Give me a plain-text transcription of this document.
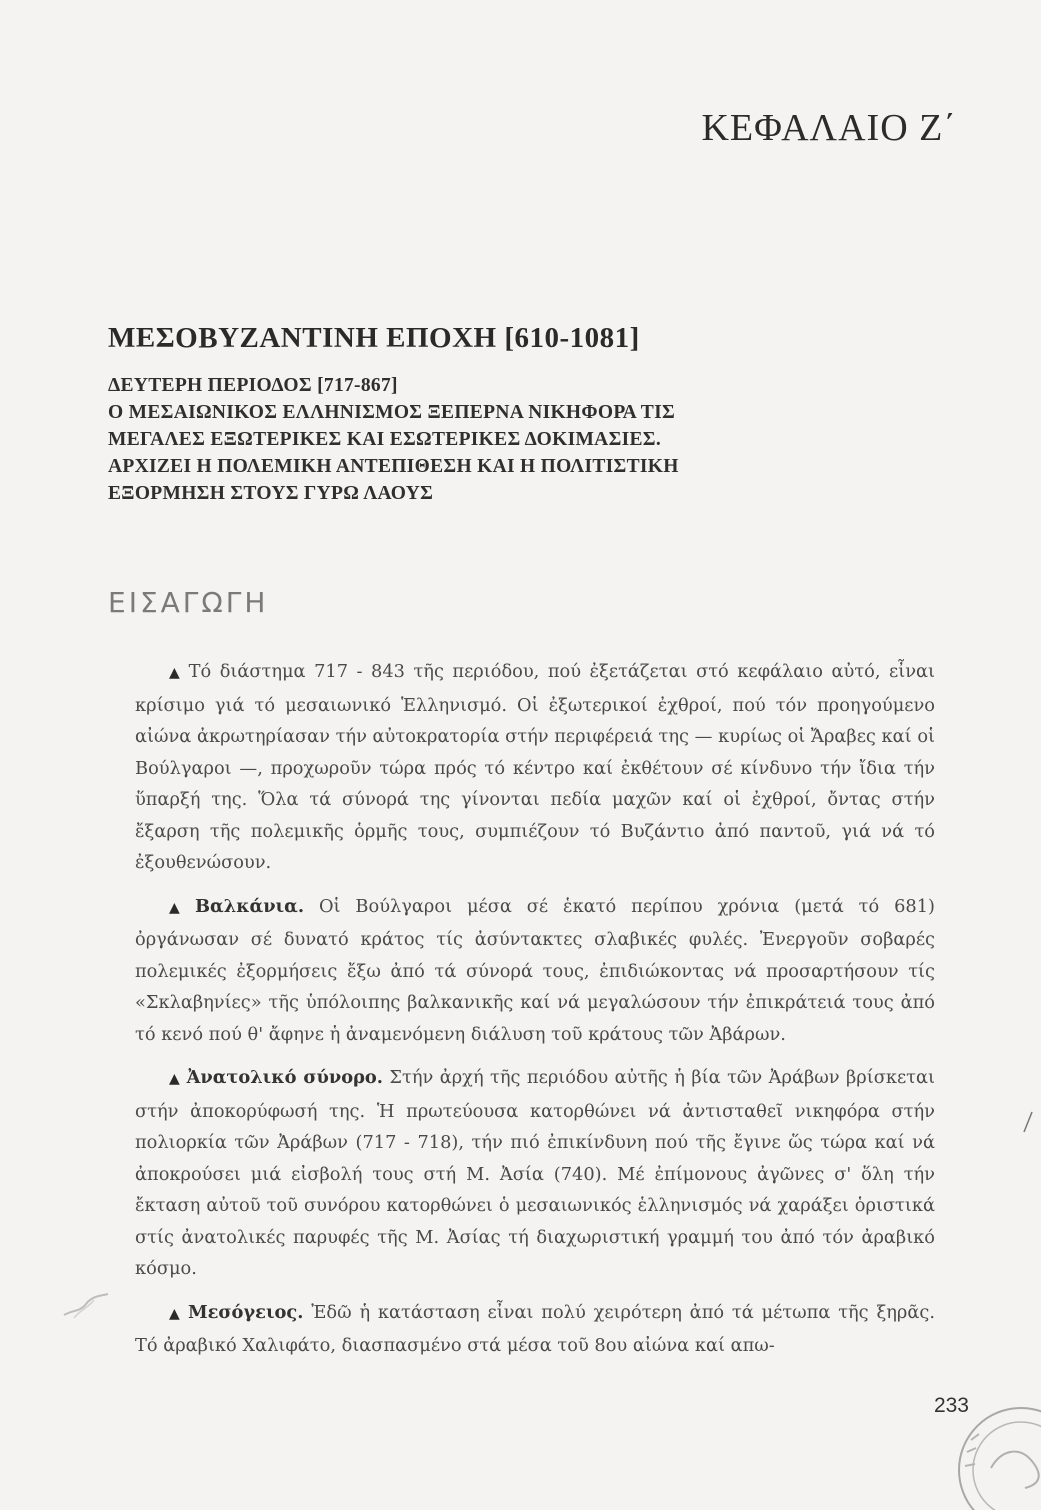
ΚΕΦΑΛΑΙΟ Ζ΄
ΜΕΣΟΒΥΖΑΝΤΙΝΗ ΕΠΟΧΗ [610-1081]
ΔΕΥΤΕΡΗ ΠΕΡΙΟΔΟΣ [717-867]
Ο ΜΕΣΑΙΩΝΙΚΟΣ ΕΛΛΗΝΙΣΜΟΣ ΞΕΠΕΡΝΑ ΝΙΚΗΦΟΡΑ ΤΙΣ
ΜΕΓΑΛΕΣ ΕΞΩΤΕΡΙΚΕΣ ΚΑΙ ΕΣΩΤΕΡΙΚΕΣ ΔΟΚΙΜΑΣΙΕΣ.
ΑΡΧΙΖΕΙ Η ΠΟΛΕΜΙΚΗ ΑΝΤΕΠΙΘΕΣΗ ΚΑΙ Η ΠΟΛΙΤΙΣΤΙΚΗ
ΕΞΟΡΜΗΣΗ ΣΤΟΥΣ ΓΥΡΩ ΛΑΟΥΣ
ΕΙΣΑΓΩΓΗ

▲ Τό διάστημα 717 - 843 τῆς περιόδου, πού ἐξετάζεται στό κεφάλαιο αὐτό, εἶναι κρίσιμο γιά τό μεσαιωνικό Ἑλληνισμό. Οἱ ἐξωτερικοί ἐχθροί, πού τόν προηγούμενο αἰώνα ἀκρωτηρίασαν τήν αὐτοκρατορία στήν περιφέρειά της — κυρίως οἱ Ἄραβες καί οἱ Βούλγαροι —, προχωροῦν τώρα πρός τό κέντρο καί ἐκθέτουν σέ κίνδυνο τήν ἴδια τήν ὕπαρξή της. Ὅλα τά σύνορά της γίνονται πεδία μαχῶν καί οἱ ἐχθροί, ὄντας στήν ἔξαρση τῆς πολεμικῆς ὁρμῆς τους, συμπιέζουν τό Βυζάντιο ἀπό παντοῦ, γιά νά τό ἐξουθενώσουν.

▲ Βαλκάνια. Οἱ Βούλγαροι μέσα σέ ἑκατό περίπου χρόνια (μετά τό 681) ὀργάνωσαν σέ δυνατό κράτος τίς ἀσύντακτες σλαβικές φυλές. Ἐνεργοῦν σοβαρές πολεμικές ἐξορμήσεις ἔξω ἀπό τά σύνορά τους, ἐπιδιώκοντας νά προσαρτήσουν τίς «Σκλαβηνίες» τῆς ὑπόλοιπης βαλκανικῆς καί νά μεγαλώσουν τήν ἐπικράτειά τους ἀπό τό κενό πού θ' ἄφηνε ἡ ἀναμενόμενη διάλυση τοῦ κράτους τῶν Ἀβάρων.

▲ Ἀνατολικό σύνορο. Στήν ἀρχή τῆς περιόδου αὐτῆς ἡ βία τῶν Ἀράβων βρίσκεται στήν ἀποκορύφωσή της. Ἡ πρωτεύουσα κατορθώνει νά ἀντισταθεῖ νικηφόρα στήν πολιορκία τῶν Ἀράβων (717 - 718), τήν πιό ἐπικίνδυνη πού τῆς ἔγινε ὥς τώρα καί νά ἀποκρούσει μιά εἰσβολή τους στή Μ. Ἀσία (740). Μέ ἐπίμονους ἀγῶνες σ' ὅλη τήν ἔκταση αὐτοῦ τοῦ συνόρου κατορθώνει ὁ μεσαιωνικός ἑλληνισμός νά χαράξει ὁριστικά στίς ἀνατολικές παρυφές τῆς Μ. Ἀσίας τή διαχωριστική γραμμή του ἀπό τόν ἀραβικό κόσμο.

▲ Μεσόγειος. Ἐδῶ ἡ κατάσταση εἶναι πολύ χειρότερη ἀπό τά μέτωπα τῆς ξηρᾶς. Τό ἀραβικό Χαλιφάτο, διασπασμένο στά μέσα τοῦ 8ου αἰώνα καί απω-

233
